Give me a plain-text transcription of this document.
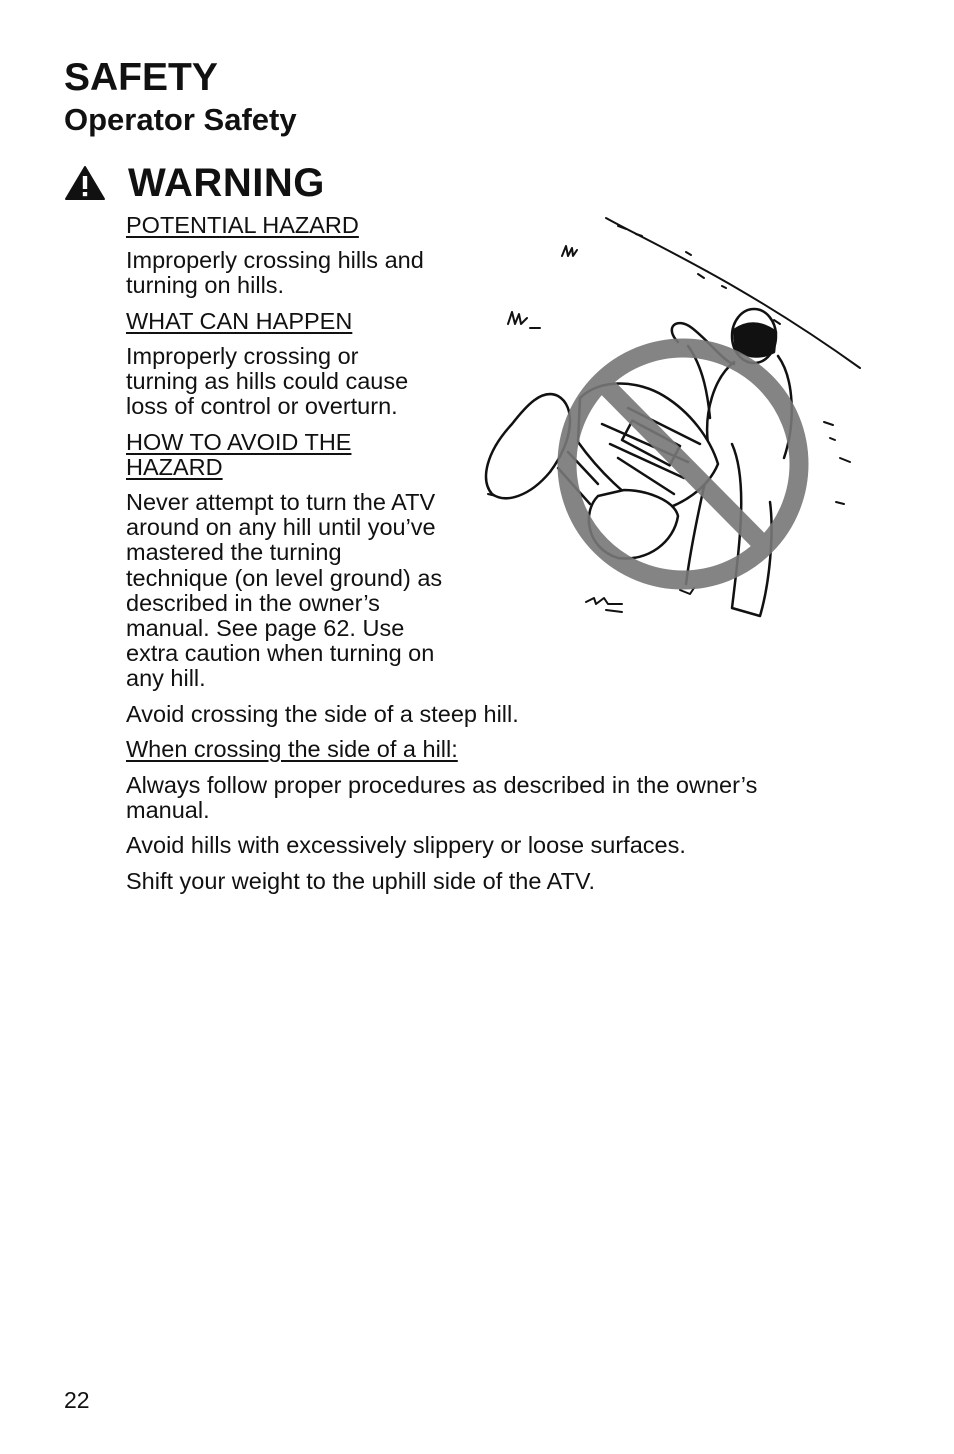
SAFETY
Operator Safety
WARNING
POTENTIAL HAZARD
Improperly crossing hills and turning on hills.
WHAT CAN HAPPEN
Improperly crossing or turning as hills could cause loss of control or overturn.
HOW TO AVOID THE HAZARD
Never attempt to turn the ATV around on any hill until you’ve mastered the turning technique (on level ground) as described in the owner’s manual. See page 62. Use extra caution when turning on any hill.
Avoid crossing the side of a steep hill.
When crossing the side of a hill:
Always follow proper procedures as described in the owner’s manual.
Avoid hills with excessively slippery or loose surfaces.
Shift your weight to the uphill side of the ATV.
22
